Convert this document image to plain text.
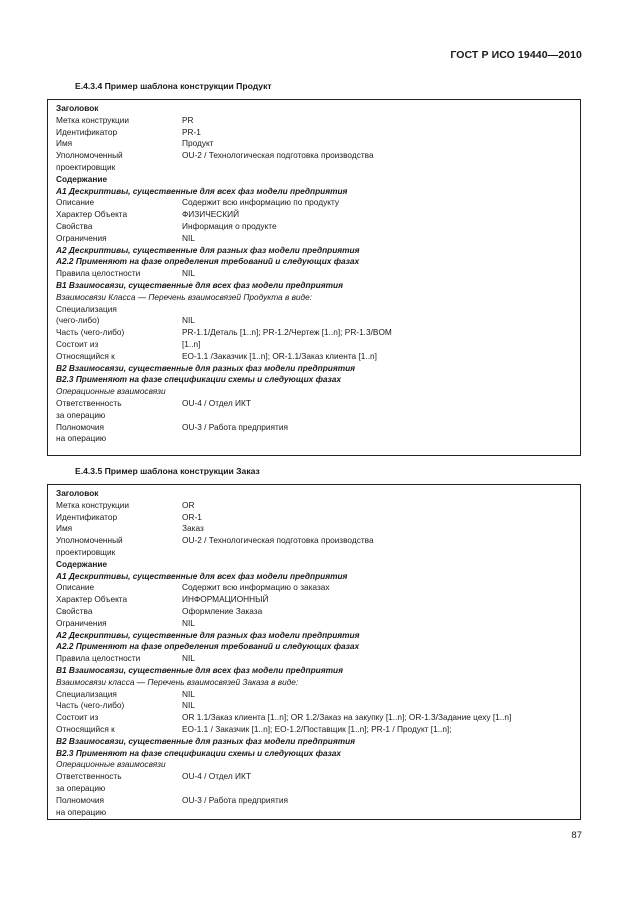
ГОСТ Р ИСО 19440—2010
Е.4.3.4 Пример шаблона конструкции Продукт
Заголовок
Метка конструкции	PR
Идентификатор	PR-1
Имя	Продукт
Уполномоченный	OU-2 / Технологическая подготовка производства
проектировщик
Содержание
А1 Дескриптивы, существенные для всех фаз модели предприятия
Описание	Содержит всю информацию по продукту
Характер Объекта	ФИЗИЧЕСКИЙ
Свойства	Информация о продукте
Ограничения	NIL
А2 Дескриптивы, существенные для разных фаз модели предприятия
А2.2 Применяют на фазе определения требований и следующих фазах
Правила целостности	NIL
В1 Взаимосвязи, существенные для всех фаз модели предприятия
Взаимосвязи Класса — Перечень взаимосвязей Продукта в виде:
Специализация
(чего-либо)	NIL
Часть (чего-либо)	PR-1.1/Деталь [1..n]; PR-1.2/Чертеж [1..n]; PR-1.3/BOM
Состоит из	[1..n]
Относящийся к	ЕО-1.1 /Заказчик [1..n]; OR-1.1/Заказ клиента [1..n]
В2 Взаимосвязи, существенные для разных фаз модели предприятия
В2.3 Применяют на фазе спецификации схемы и следующих фазах
Операционные взаимосвязи
Ответственность	OU-4 / Отдел ИКТ
за операцию
Полномочия	OU-3 / Работа предприятия
на операцию
Е.4.3.5 Пример шаблона конструкции Заказ
Заголовок
Метка конструкции	OR
Идентификатор	OR-1
Имя	Заказ
Уполномоченный	OU-2 / Технологическая подготовка производства
проектировщик
Содержание
А1 Дескриптивы, существенные для всех фаз модели предприятия
Описание	Содержит всю информацию о заказах
Характер Объекта	ИНФОРМАЦИОННЫЙ
Свойства	Оформление Заказа
Ограничения	NIL
А2 Дескриптивы, существенные для разных фаз модели предприятия
А2.2 Применяют на фазе определения требований и следующих фазах
Правила целостности	NIL
В1 Взаимосвязи, существенные для всех фаз модели предприятия
Взаимосвязи класса — Перечень взаимосвязей Заказа в виде:
Специализация	NIL
Часть (чего-либо)	NIL
Состоит из	OR 1.1/Заказ клиента [1..n]; OR 1.2/Заказ на закупку [1..n]; OR-1.3/Задание цеху [1..n]
Относящийся к	ЕО-1.1 / Заказчик [1..n]; ЕО-1.2/Поставщик [1..n]; PR-1 / Продукт [1..n];
В2 Взаимосвязи, существенные для разных фаз модели предприятия
В2.3 Применяют на фазе спецификации схемы и следующих фазах
Операционные взаимосвязи
Ответственность	OU-4 / Отдел ИКТ
за операцию
Полномочия	OU-3 / Работа предприятия
на операцию
87
